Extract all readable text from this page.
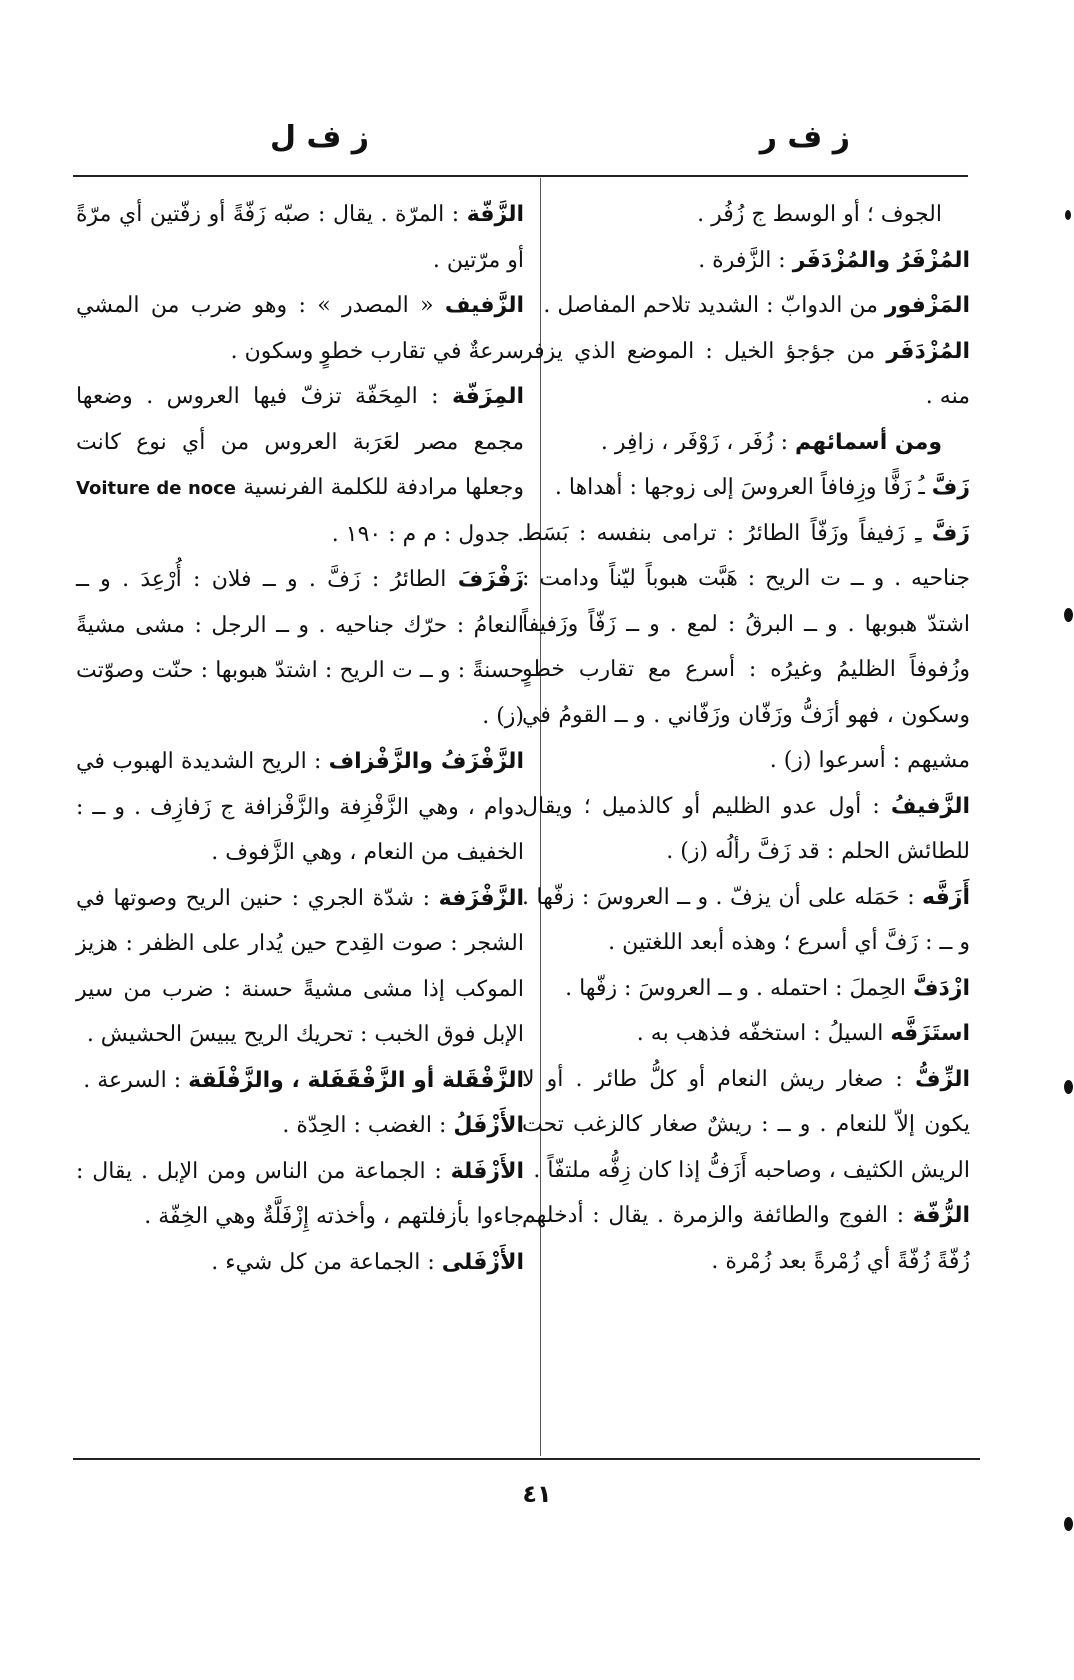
ز ف ر
ز ف ل

الجوف ؛ أو الوسط ج زُفُر .

المُزْفَرُ والمُزْدَفَر : الزَّفرة .

المَزْفور من الدوابّ : الشديد تلاحم المفاصل .

المُزْدَفَر من جؤجؤ الخيل : الموضع الذي يزفر منه .

ومن أسمائهم : زُفَر ، زَوْفَر ، زافِر .

زَفَّ ـُ زَفًّا وزِفافاً العروسَ إلى زوجها : أهداها .

زَفَّ ـِ زَفيفاً وزَفّاً الطائرُ : ترامى بنفسه : بَسَط جناحيه . و ــ ت الريح : هَبَّت هبوباً ليّناً ودامت : اشتدّ هبوبها . و ــ البرقُ : لمع . و ــ زَفّاً وزَفيفاً وزُفوفاً الظليمُ وغيرُه : أسرع مع تقارب خطوٍ وسكون ، فهو أزَفُّ وزَفّان وزَفّاني . و ــ القومُ في مشيهم : أسرعوا (ز) .

الزَّفيفُ : أول عدو الظليم أو كالذميل ؛ ويقال للطائش الحلم : قد زَفَّ رألُه (ز) .

أَزَفَّه : حَمَله على أن يزفّ . و ــ العروسَ : زفّها . و ــ : زَفَّ أي أسرع ؛ وهذه أبعد اللغتين .

ازْدَفَّ الحِملَ : احتمله . و ــ العروسَ : زفّها .

استَزَفَّه السيلُ : استخفّه فذهب به .

الزِّفُّ : صغار ريش النعام أو كلُّ طائر . أو لا يكون إلاّ للنعام . و ــ : ريشٌ صغار كالزغب تحت الريش الكثيف ، وصاحبه أَزَفُّ إذا كان زِفُّه ملتفّاً .

الزُّفّة : الفوج والطائفة والزمرة . يقال : أدخلهم زُفّةً زُفّةً أي زُمْرةً بعد زُمْرة .

الزَّفّة : المرّة . يقال : صبّه زَفّةً أو زفّتين أي مرّةً أو مرّتين .

الزَّفيف « المصدر » : وهو ضرب من المشي سرعةٌ في تقارب خطوٍ وسكون .

المِزَفّة : المِحَفّة تزفّ فيها العروس . وضعها مجمع مصر لعَرَبة العروس من أي نوع كانت وجعلها مرادفة للكلمة الفرنسية Voiture de noce . جدول : م م : ١٩٠ .

زَفْزَفَ الطائرُ : زَفَّ . و ــ فلان : أُرْعِدَ . و ــ النعامُ : حرّك جناحيه . و ــ الرجل : مشى مشيةً حسنةً : و ــ ت الريح : اشتدّ هبوبها : حنّت وصوّتت (ز) .

الزَّفْزَفُ والزَّفْزاف : الريح الشديدة الهبوب في دوام ، وهي الزَّفْزِفة والزَّفْزافة ج زَفازِف . و ــ : الخفيف من النعام ، وهي الزَّفوف .

الزَّفْزَفة : شدّة الجري : حنين الريح وصوتها في الشجر : صوت القِدح حين يُدار على الظفر : هزيز الموكب إذا مشى مشيةً حسنة : ضرب من سير الإبل فوق الخبب : تحريك الريح يبيسَ الحشيش .

الزَّفْقَلة أو الزَّفْقَفَلة ، والزَّفْلَقة : السرعة .

الأَزْفَلُ : الغضب : الحِدّة .

الأَزْفَلة : الجماعة من الناس ومن الإبل . يقال : جاءوا بأزفلتهم ، وأخذته إِزْفَلَّةٌ وهي الخِفّة .

الأَزْفَلى : الجماعة من كل شيء .

٤١
